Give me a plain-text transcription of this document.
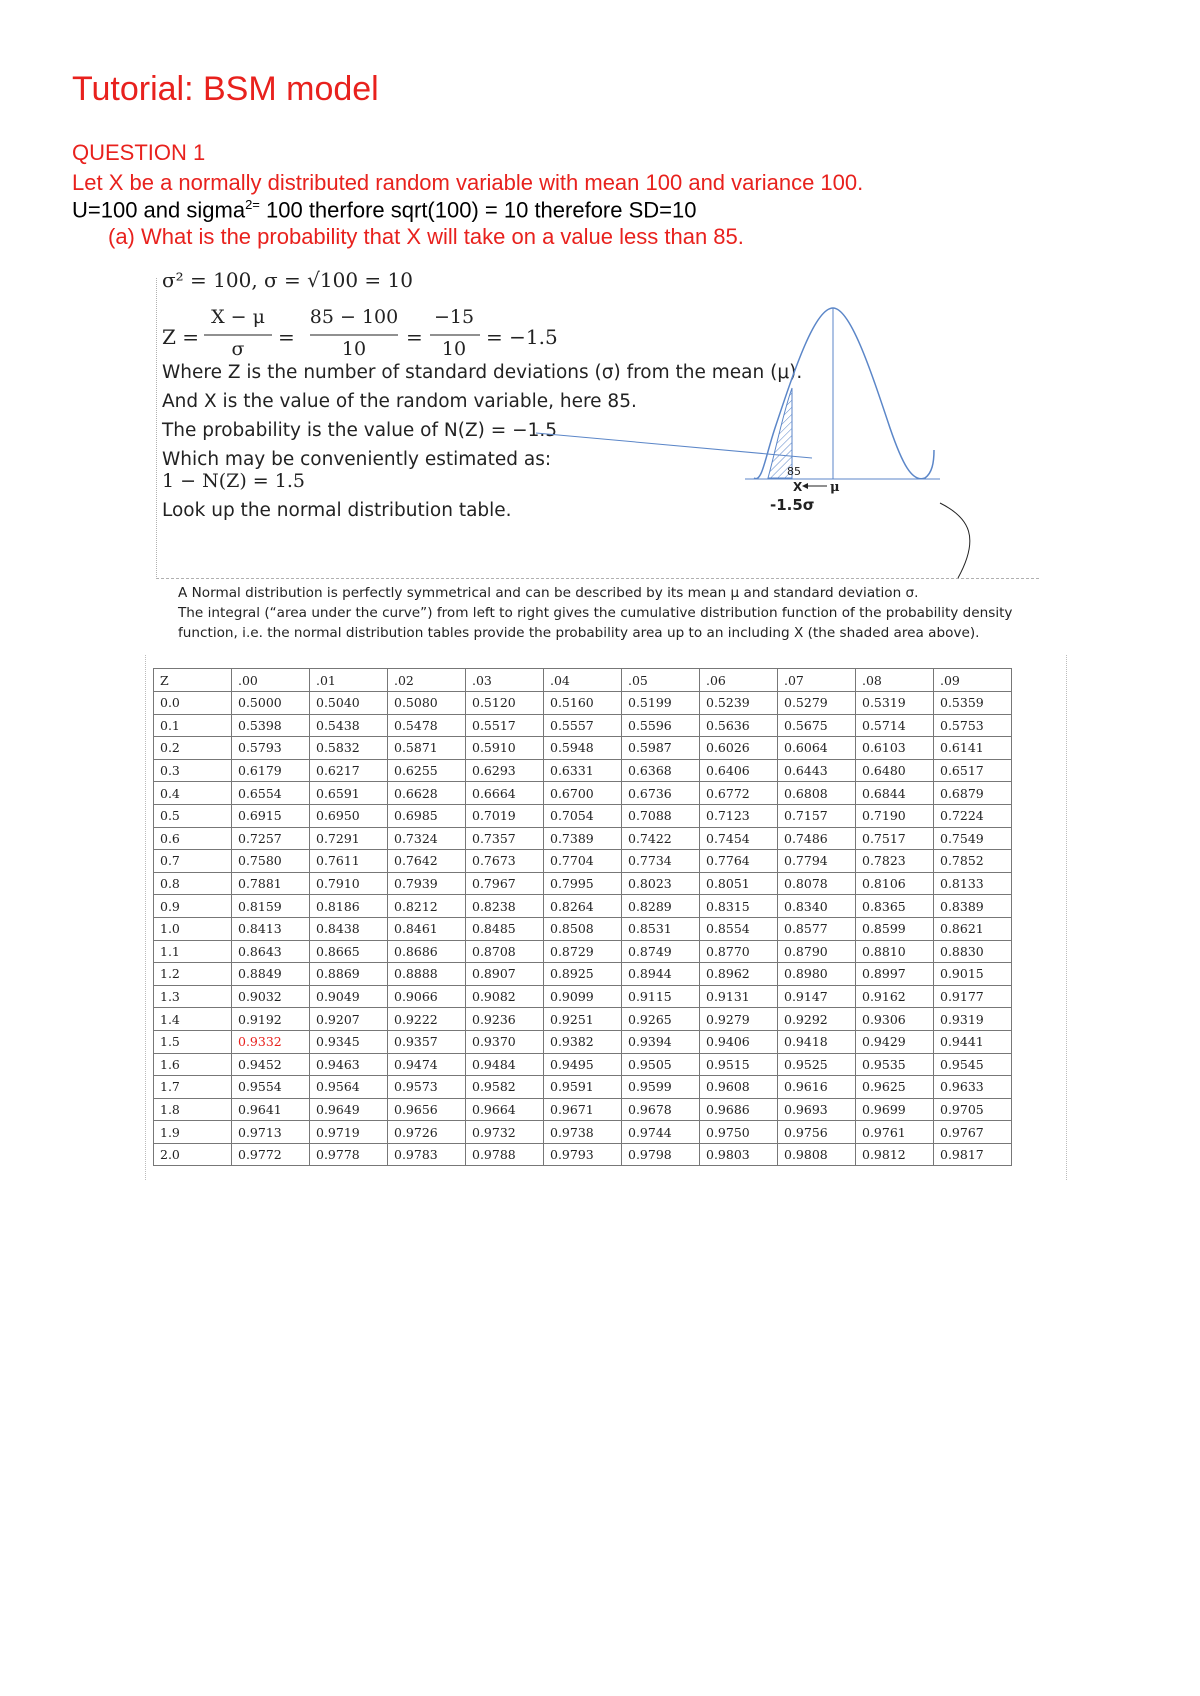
Tutorial: BSM model
QUESTION 1
Let X be a normally distributed random variable with mean 100 and variance 100.
U=100 and sigma$^{2=}$ 100 therfore sqrt(100) = 10 therefore SD=10
(a) What is the probability that X will take on a value less than 85.
σ² = 100, σ = √100 = 10
Z =
X − μ
σ	=
85 − 100
10	=
−15
10 = −1.5
Where Z is the number of standard deviations (σ) from the mean (μ).
And X is the value of the random variable, here 85.
The probability is the value of N(Z) = −1.5
Which may be conveniently estimated as:
1 − N(Z) = 1.5
Look up the normal distribution table.
85
X μ
-1.5σ
A Normal distribution is perfectly symmetrical and can be described by its mean μ and standard deviation σ.
The integral (“area under the curve”) from left to right gives the cumulative distribution function of the probability density
function, i.e. the normal distribution tables provide the probability area up to an including X (the shaded area above).
Z	.00	.01	.02	.03	.04	.05	.06	.07	.08	.09
0.0	0.5000	0.5040	0.5080	0.5120	0.5160	0.5199	0.5239	0.5279	0.5319	0.5359
0.1	0.5398	0.5438	0.5478	0.5517	0.5557	0.5596	0.5636	0.5675	0.5714	0.5753
0.2	0.5793	0.5832	0.5871	0.5910	0.5948	0.5987	0.6026	0.6064	0.6103	0.6141
0.3	0.6179	0.6217	0.6255	0.6293	0.6331	0.6368	0.6406	0.6443	0.6480	0.6517
0.4	0.6554	0.6591	0.6628	0.6664	0.6700	0.6736	0.6772	0.6808	0.6844	0.6879
0.5	0.6915	0.6950	0.6985	0.7019	0.7054	0.7088	0.7123	0.7157	0.7190	0.7224
0.6	0.7257	0.7291	0.7324	0.7357	0.7389	0.7422	0.7454	0.7486	0.7517	0.7549
0.7	0.7580	0.7611	0.7642	0.7673	0.7704	0.7734	0.7764	0.7794	0.7823	0.7852
0.8	0.7881	0.7910	0.7939	0.7967	0.7995	0.8023	0.8051	0.8078	0.8106	0.8133
0.9	0.8159	0.8186	0.8212	0.8238	0.8264	0.8289	0.8315	0.8340	0.8365	0.8389
1.0	0.8413	0.8438	0.8461	0.8485	0.8508	0.8531	0.8554	0.8577	0.8599	0.8621
1.1	0.8643	0.8665	0.8686	0.8708	0.8729	0.8749	0.8770	0.8790	0.8810	0.8830
1.2	0.8849	0.8869	0.8888	0.8907	0.8925	0.8944	0.8962	0.8980	0.8997	0.9015
1.3	0.9032	0.9049	0.9066	0.9082	0.9099	0.9115	0.9131	0.9147	0.9162	0.9177
1.4	0.9192	0.9207	0.9222	0.9236	0.9251	0.9265	0.9279	0.9292	0.9306	0.9319
1.5	0.9332	0.9345	0.9357	0.9370	0.9382	0.9394	0.9406	0.9418	0.9429	0.9441
1.6	0.9452	0.9463	0.9474	0.9484	0.9495	0.9505	0.9515	0.9525	0.9535	0.9545
1.7	0.9554	0.9564	0.9573	0.9582	0.9591	0.9599	0.9608	0.9616	0.9625	0.9633
1.8	0.9641	0.9649	0.9656	0.9664	0.9671	0.9678	0.9686	0.9693	0.9699	0.9705
1.9	0.9713	0.9719	0.9726	0.9732	0.9738	0.9744	0.9750	0.9756	0.9761	0.9767
2.0	0.9772	0.9778	0.9783	0.9788	0.9793	0.9798	0.9803	0.9808	0.9812	0.9817
